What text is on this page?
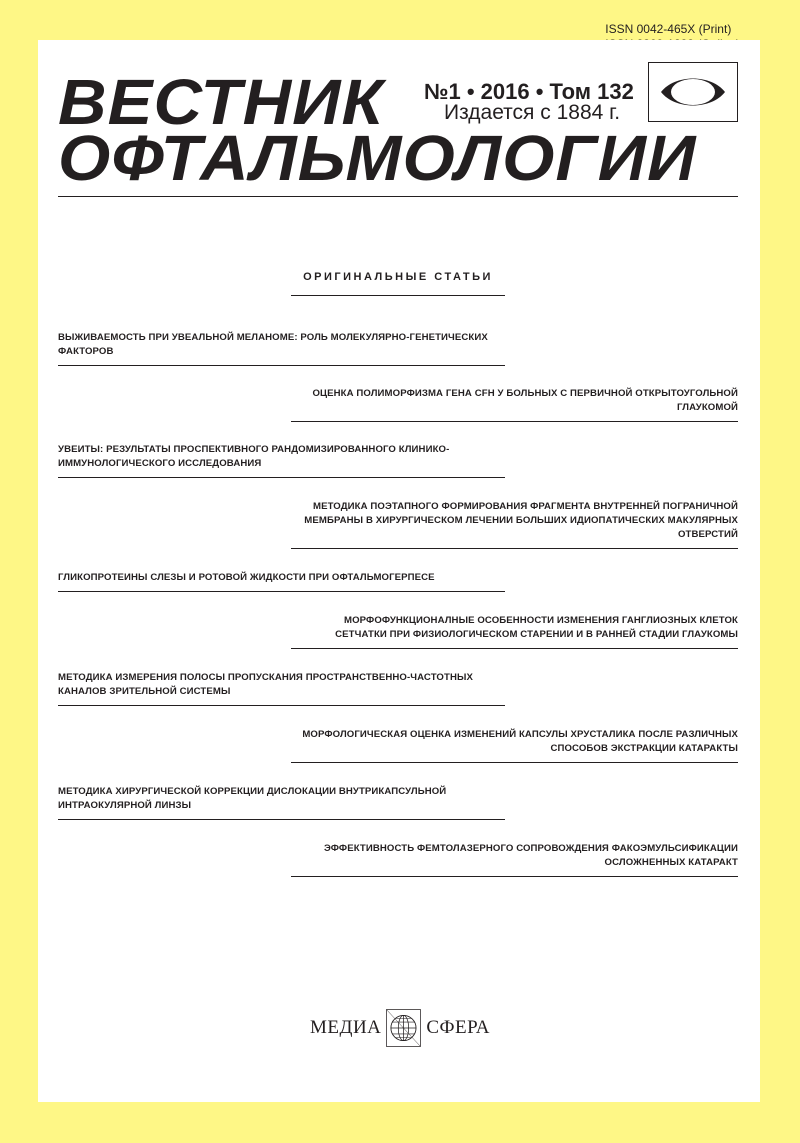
ISSN 0042-465X (Print)
ВЕСТНИК
ОФТАЛЬМОЛОГИИ
№1 • 2016 • Том 132
Издается с 1884 г.
ОРИГИНАЛЬНЫЕ СТАТЬИ
ВЫЖИВАЕМОСТЬ ПРИ УВЕАЛЬНОЙ МЕЛАНОМЕ: РОЛЬ МОЛЕКУЛЯРНО-ГЕНЕТИЧЕСКИХ ФАКТОРОВ
ОЦЕНКА ПОЛИМОРФИЗМА ГЕНА CFH У БОЛЬНЫХ С ПЕРВИЧНОЙ ОТКРЫТОУГОЛЬНОЙ ГЛАУКОМОЙ
УВЕИТЫ: РЕЗУЛЬТАТЫ ПРОСПЕКТИВНОГО РАНДОМИЗИРОВАННОГО КЛИНИКО-ИММУНОЛОГИЧЕСКОГО ИССЛЕДОВАНИЯ
МЕТОДИКА ПОЭТАПНОГО ФОРМИРОВАНИЯ ФРАГМЕНТА ВНУТРЕННЕЙ ПОГРАНИЧНОЙ МЕМБРАНЫ В ХИРУРГИЧЕСКОМ ЛЕЧЕНИИ БОЛЬШИХ ИДИОПАТИЧЕСКИХ МАКУЛЯРНЫХ ОТВЕРСТИЙ
ГЛИКОПРОТЕИНЫ СЛЕЗЫ И РОТОВОЙ ЖИДКОСТИ ПРИ ОФТАЛЬМОГЕРПЕСЕ
МОРФОФУНКЦИОНАЛНЫЕ ОСОБЕННОСТИ ИЗМЕНЕНИЯ ГАНГЛИОЗНЫХ КЛЕТОК СЕТЧАТКИ ПРИ ФИЗИОЛОГИЧЕСКОМ СТАРЕНИИ И В РАННЕЙ СТАДИИ ГЛАУКОМЫ
МЕТОДИКА ИЗМЕРЕНИЯ ПОЛОСЫ ПРОПУСКАНИЯ ПРОСТРАНСТВЕННО-ЧАСТОТНЫХ КАНАЛОВ ЗРИТЕЛЬНОЙ СИСТЕМЫ
МОРФОЛОГИЧЕСКАЯ ОЦЕНКА ИЗМЕНЕНИЙ КАПСУЛЫ ХРУСТАЛИКА ПОСЛЕ РАЗЛИЧНЫХ СПОСОБОВ ЭКСТРАКЦИИ КАТАРАКТЫ
МЕТОДИКА ХИРУРГИЧЕСКОЙ КОРРЕКЦИИ ДИСЛОКАЦИИ ВНУТРИКАПСУЛЬНОЙ ИНТРАОКУЛЯРНОЙ ЛИНЗЫ
ЭФФЕКТИВНОСТЬ ФЕМТОЛАЗЕРНОГО СОПРОВОЖДЕНИЯ ФАКОЭМУЛЬСИФИКАЦИИ ОСЛОЖНЕННЫХ КАТАРАКТ
МЕДИА СФЕРА
